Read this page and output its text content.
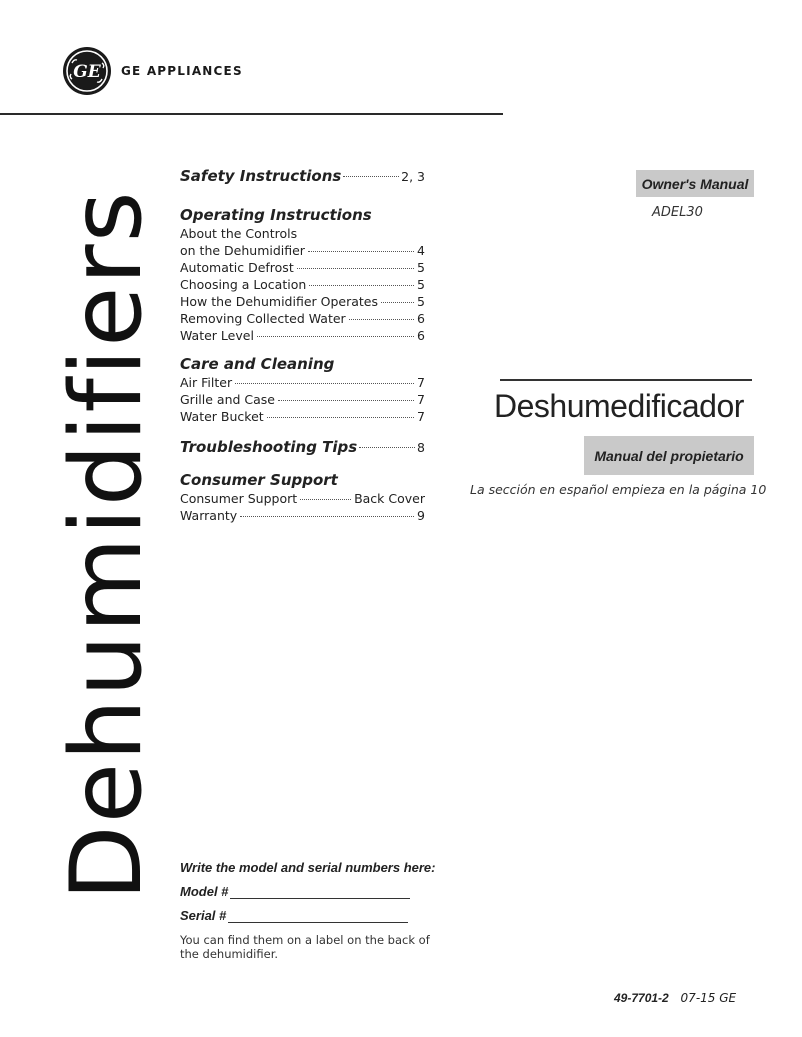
GE GE APPLIANCES
Dehumidifiers
Safety Instructions	2, 3
Operating Instructions
About the Controls
on the Dehumidifier	4
Automatic Defrost	5
Choosing a Location	5
How the Dehumidifier Operates	5
Removing Collected Water	6
Water Level	6
Care and Cleaning
Air Filter	7
Grille and Case	7
Water Bucket	7
Troubleshooting Tips	8
Consumer Support
Consumer Support	Back Cover
Warranty	9
Owner's Manual
ADEL30
Deshumedificador
Manual del propietario
La sección en español empieza en la página 10
Write the model and serial numbers here:
Model #
Serial #
You can find them on a label on the back of the dehumidifier.
49-7701-2 07-15 GE
